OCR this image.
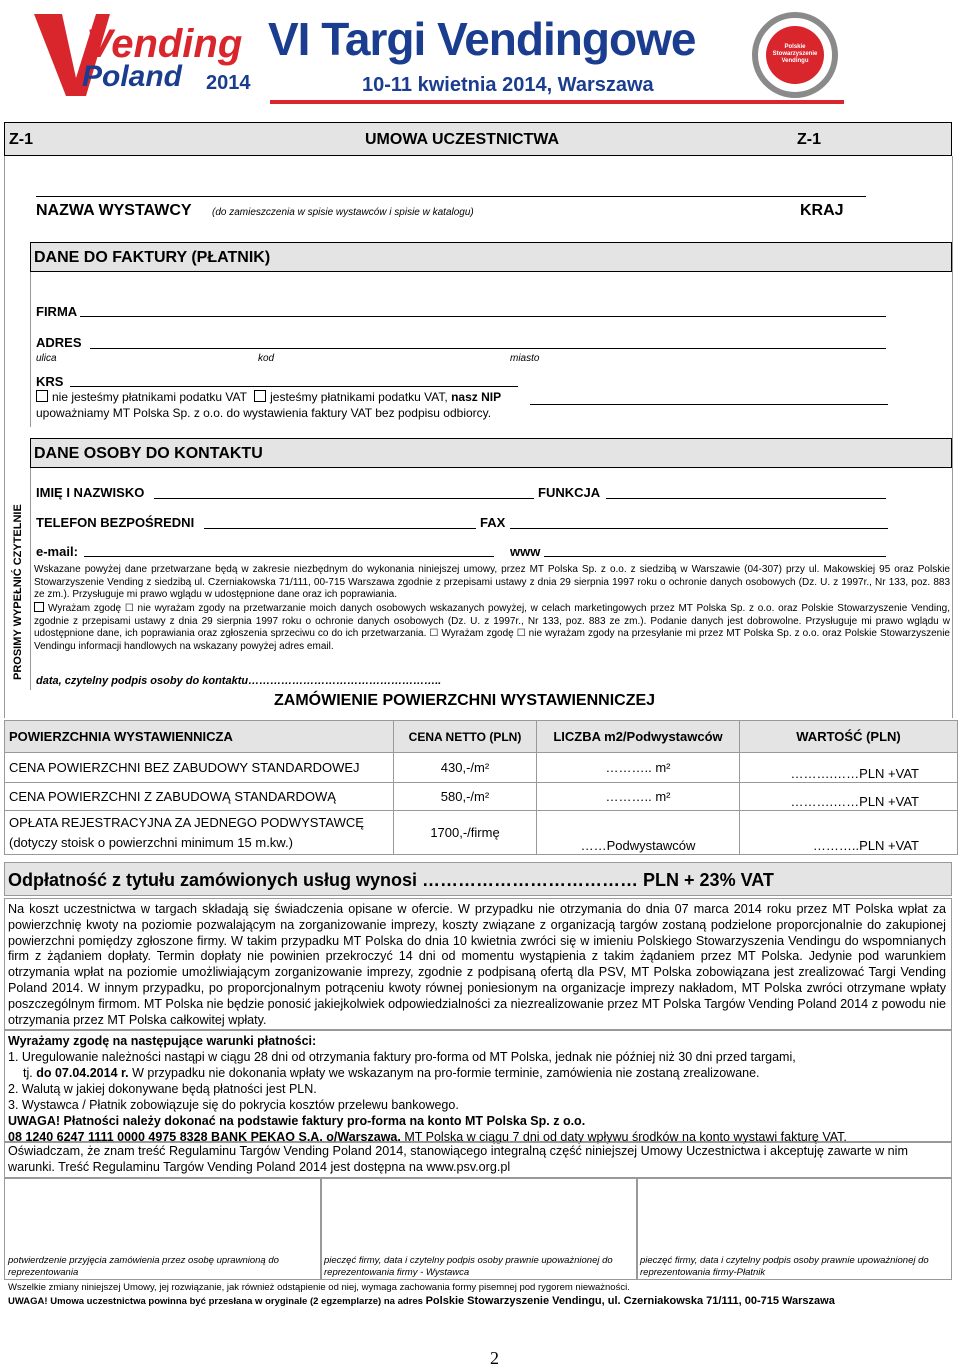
Vending
Poland 2014
VI Targi Vendingowe
10-11 kwietnia 2014, Warszawa
Polskie Stowarzyszenie Vendingu
Z-1	UMOWA UCZESTNICTWA	Z-1
NAZWA WYSTAWCY (do zamieszczenia w spisie wystawców i spisie w katalogu)	KRAJ
DANE DO FAKTURY (PŁATNIK)
FIRMA
ADRES
ulica	kod	miasto
KRS
nie jesteśmy płatnikami podatku VAT jesteśmy płatnikami podatku VAT, nasz NIP
upoważniamy MT Polska Sp. z o.o. do wystawienia faktury VAT bez podpisu odbiorcy.
PROSIMY WYPEŁNIĆ CZYTELNIE
DANE OSOBY DO KONTAKTU
IMIĘ I NAZWISKO	FUNKCJA
TELEFON BEZPOŚREDNI	FAX
e-mail:	www
Wskazane powyżej dane przetwarzane będą w zakresie niezbędnym do wykonania niniejszej umowy, przez MT Polska Sp. z o.o. z siedzibą w Warszawie (04-307) przy ul. Makowskiej 95 oraz Polskie Stowarzyszenie Vending z siedzibą ul. Czerniakowska 71/111, 00-715 Warszawa zgodnie z przepisami ustawy z dnia 29 sierpnia 1997 roku o ochronie danych osobowych (Dz. U. z 1997r., Nr 133, poz. 883 ze zm.). Przysługuje mi prawo wglądu w udostępnione dane oraz ich poprawiania.
Wyrażam zgodę ☐ nie wyrażam zgody na przetwarzanie moich danych osobowych wskazanych powyżej, w celach marketingowych przez MT Polska Sp. z o.o. oraz Polskie Stowarzyszenie Vending, zgodnie z przepisami ustawy z dnia 29 sierpnia 1997 roku o ochronie danych osobowych (Dz. U. z 1997r., Nr 133, poz. 883 ze zm.). Podanie danych jest dobrowolne. Przysługuje mi prawo wglądu w udostępnione dane, ich poprawiania oraz zgłoszenia sprzeciwu co do ich przetwarzania. ☐ Wyrażam zgodę ☐ nie wyrażam zgody na przesyłanie mi przez MT Polska Sp. z o.o. oraz Polskie Stowarzyszenie Vendingu informacji handlowych na wskazany powyżej adres email.
data, czytelny podpis osoby do kontaktu……………………………………………..
ZAMÓWIENIE POWIERZCHNI WYSTAWIENNICZEJ
POWIERZCHNIA WYSTAWIENNICZA	CENA NETTO (PLN)	LICZBA m2/Podwystawców	WARTOŚĆ (PLN)
CENA POWIERZCHNI BEZ ZABUDOWY STANDARDOWEJ	430,-/m²	……….. m²	……….……PLN +VAT
CENA POWIERZCHNI Z ZABUDOWĄ STANDARDOWĄ	580,-/m²	……….. m²	……….……PLN +VAT

OPŁATA REJESTRACYJNA ZA JEDNEGO PODWYSTAWCĘ
(dotyczy stoisk o powierzchni minimum 15 m.kw.)	1700,-/firmę	……Podwystawców	………..PLN +VAT
Odpłatność z tytułu zamówionych usług wynosi ……………………………… PLN + 23% VAT
Na koszt uczestnictwa w targach składają się świadczenia opisane w ofercie. W przypadku nie otrzymania do dnia 07 marca 2014 roku przez MT Polska wpłat za powierzchnię kwoty na poziomie pozwalającym na zorganizowanie imprezy, koszty związane z organizacją targów zostaną podzielone proporcjonalnie do zakupionej powierzchni pomiędzy zgłoszone firmy. W takim przypadku MT Polska do dnia 10 kwietnia zwróci się w imieniu Polskiego Stowarzyszenia Vendingu do wspomnianych firm z żądaniem dopłaty. Termin dopłaty nie powinien przekroczyć 14 dni od momentu wystąpienia z takim żądaniem przez MT Polska. Jedynie pod warunkiem otrzymania wpłat na poziomie umożliwiającym zorganizowanie imprezy, zgodnie z podpisaną ofertą dla PSV, MT Polska zobowiązana jest zrealizować Targi Vending Poland 2014. W innym przypadku, po proporcjonalnym potrąceniu kwoty równej poniesionym na organizacje imprezy nakładom, MT Polska zwróci otrzymane wpłaty poszczególnym firmom. MT Polska nie będzie ponosić jakiejkolwiek odpowiedzialności za niezrealizowanie przez MT Polska Targów Vending Poland 2014 z powodu nie otrzymania przez MT Polska całkowitej wpłaty.
Wyrażamy zgodę na następujące warunki płatności:
1. Uregulowanie należności nastąpi w ciągu 28 dni od otrzymania faktury pro-forma od MT Polska, jednak nie później niż 30 dni przed targami,
tj. do 07.04.2014 r. W przypadku nie dokonania wpłaty we wskazanym na pro-formie terminie, zamówienia nie zostaną zrealizowane.
2. Walutą w jakiej dokonywane będą płatności jest PLN.
3. Wystawca / Płatnik zobowiązuje się do pokrycia kosztów przelewu bankowego.
UWAGA! Płatności należy dokonać na podstawie faktury pro-forma na konto MT Polska Sp. z o.o.
08 1240 6247 1111 0000 4975 8328 BANK PEKAO S.A. o/Warszawa. MT Polska w ciągu 7 dni od daty wpływu środków na konto wystawi fakturę VAT.
Oświadczam, że znam treść Regulaminu Targów Vending Poland 2014, stanowiącego integralną część niniejszej Umowy Uczestnictwa i akceptuję zawarte w nim warunki. Treść Regulaminu Targów Vending Poland 2014 jest dostępna na www.psv.org.pl
potwierdzenie przyjęcia zamówienia przez osobę uprawnioną do reprezentowania
pieczęć firmy, data i czytelny podpis osoby prawnie upoważnionej do reprezentowania firmy - Wystawca
pieczęć firmy, data i czytelny podpis osoby prawnie upoważnionej do reprezentowania firmy-Płatnik
Wszelkie zmiany niniejszej Umowy, jej rozwiązanie, jak również odstąpienie od niej, wymaga zachowania formy pisemnej pod rygorem nieważności.
UWAGA! Umowa uczestnictwa powinna być przesłana w oryginale (2 egzemplarze) na adres Polskie Stowarzyszenie Vendingu, ul. Czerniakowska 71/111, 00-715 Warszawa
2
